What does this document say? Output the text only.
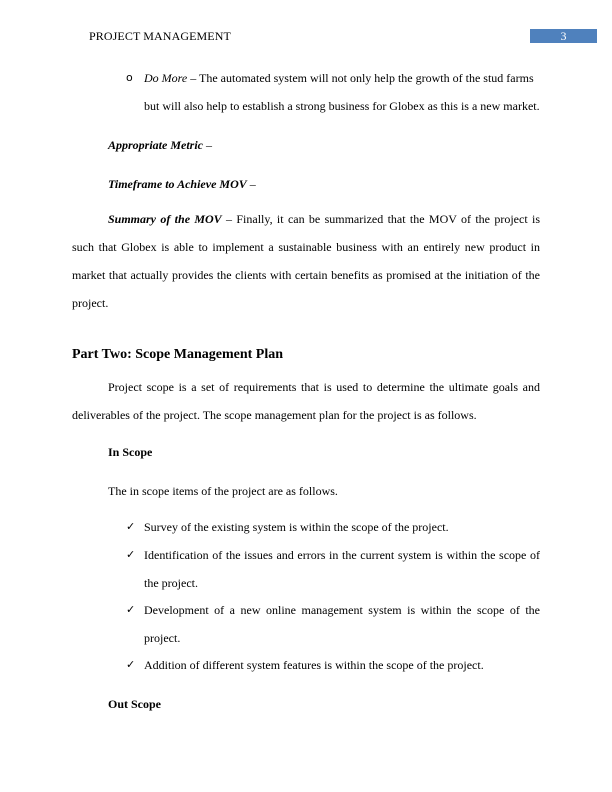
PROJECT MANAGEMENT	3
o Do More – The automated system will not only help the growth of the stud farms
but will also help to establish a strong business for Globex as this is a new market.
Appropriate Metric –
Timeframe to Achieve MOV –
Summary of the MOV – Finally, it can be summarized that the MOV of the project is
such that Globex is able to implement a sustainable business with an entirely new product in
market that actually provides the clients with certain benefits as promised at the initiation of the
project.
Part Two: Scope Management Plan
Project scope is a set of requirements that is used to determine the ultimate goals and
deliverables of the project. The scope management plan for the project is as follows.
In Scope
The in scope items of the project are as follows.
✓ Survey of the existing system is within the scope of the project.
✓ Identification of the issues and errors in the current system is within the scope of
the project.
✓ Development of a new online management system is within the scope of the
project.
✓ Addition of different system features is within the scope of the project.
Out Scope
